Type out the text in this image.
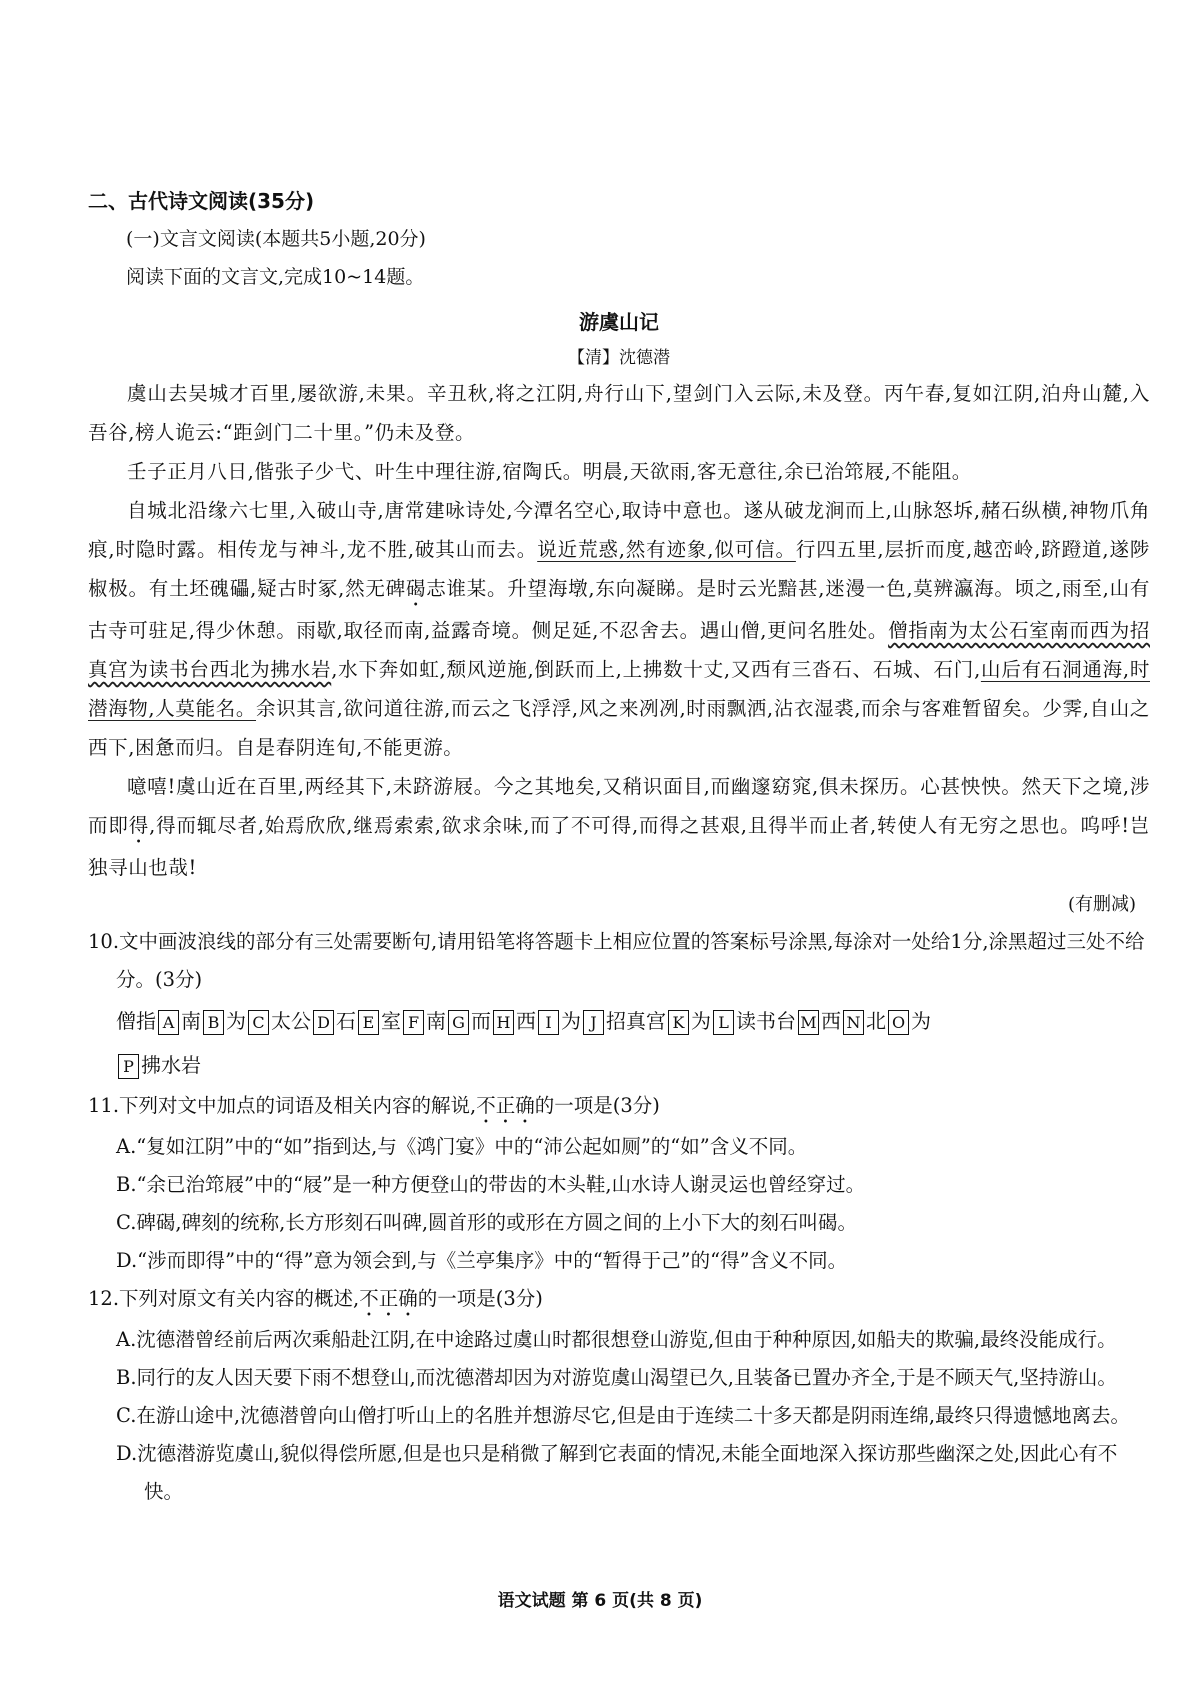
二、古代诗文阅读(35分)
(一)文言文阅读(本题共5小题,20分)
阅读下面的文言文,完成10~14题。
游虞山记
【清】沈德潜
虞山去吴城才百里,屡欲游,未果。辛丑秋,将之江阴,舟行山下,望剑门入云际,未及登。丙午春,复如江阴,泊舟山麓,入吾谷,榜人诡云:“距剑门二十里。”仍未及登。
壬子正月八日,偕张子少弋、叶生中理往游,宿陶氏。明晨,天欲雨,客无意往,余已治筇屐,不能阻。
自城北沿缘六七里,入破山寺,唐常建咏诗处,今潭名空心,取诗中意也。遂从破龙涧而上,山脉怒坼,赭石纵横,神物爪角痕,时隐时露。相传龙与神斗,龙不胜,破其山而去。说近荒惑,然有迹象,似可信。行四五里,层折而度,越峦岭,跻蹬道,遂陟椒极。有土坯磈礧,疑古时冢,然无碑碣志谁某。升望海墩,东向凝睇。是时云光黯甚,迷漫一色,莫辨瀛海。顷之,雨至,山有古寺可驻足,得少休憩。雨歇,取径而南,益露奇境。侧足延,不忍舍去。遇山僧,更问名胜处。僧指南为太公石室南而西为招真宫为读书台西北为拂水岩,水下奔如虹,颓风逆施,倒跃而上,上拂数十丈,又西有三沓石、石城、石门,山后有石洞通海,时潜海物,人莫能名。余识其言,欲问道往游,而云之飞浮浮,风之来冽冽,时雨飘洒,沾衣湿裘,而余与客难暂留矣。少霁,自山之西下,困惫而归。自是春阴连旬,不能更游。
噫嘻!虞山近在百里,两经其下,未跻游屐。今之其地矣,又稍识面目,而幽邃窈窕,俱未探历。心甚怏怏。然天下之境,涉而即得,得而辄尽者,始焉欣欣,继焉索索,欲求余味,而了不可得,而得之甚艰,且得半而止者,转使人有无穷之思也。呜呼!岂独寻山也哉!
(有删减)
10.文中画波浪线的部分有三处需要断句,请用铅笔将答题卡上相应位置的答案标号涂黑,每涂对一处给1分,涂黑超过三处不给分。(3分)
僧指 A 南 B 为 C 太公 D 石 E 室 F 南 G 而 H 西 I 为 J 招真宫 K 为 L 读书台 M 西 N 北 O 为
P 拂水岩
11.下列对文中加点的词语及相关内容的解说,不正确的一项是(3分)
A.“复如江阴”中的“如”指到达,与《鸿门宴》中的“沛公起如厕”的“如”含义不同。
B.“余已治筇屐”中的“屐”是一种方便登山的带齿的木头鞋,山水诗人谢灵运也曾经穿过。
C.碑碣,碑刻的统称,长方形刻石叫碑,圆首形的或形在方圆之间的上小下大的刻石叫碣。
D.“涉而即得”中的“得”意为领会到,与《兰亭集序》中的“暂得于己”的“得”含义不同。
12.下列对原文有关内容的概述,不正确的一项是(3分)
A.沈德潜曾经前后两次乘船赴江阴,在中途路过虞山时都很想登山游览,但由于种种原因,如船夫的欺骗,最终没能成行。
B.同行的友人因天要下雨不想登山,而沈德潜却因为对游览虞山渴望已久,且装备已置办齐全,于是不顾天气,坚持游山。
C.在游山途中,沈德潜曾向山僧打听山上的名胜并想游尽它,但是由于连续二十多天都是阴雨连绵,最终只得遗憾地离去。
D.沈德潜游览虞山,貌似得偿所愿,但是也只是稍微了解到它表面的情况,未能全面地深入探访那些幽深之处,因此心有不快。
语文试题 第 6 页(共 8 页)
